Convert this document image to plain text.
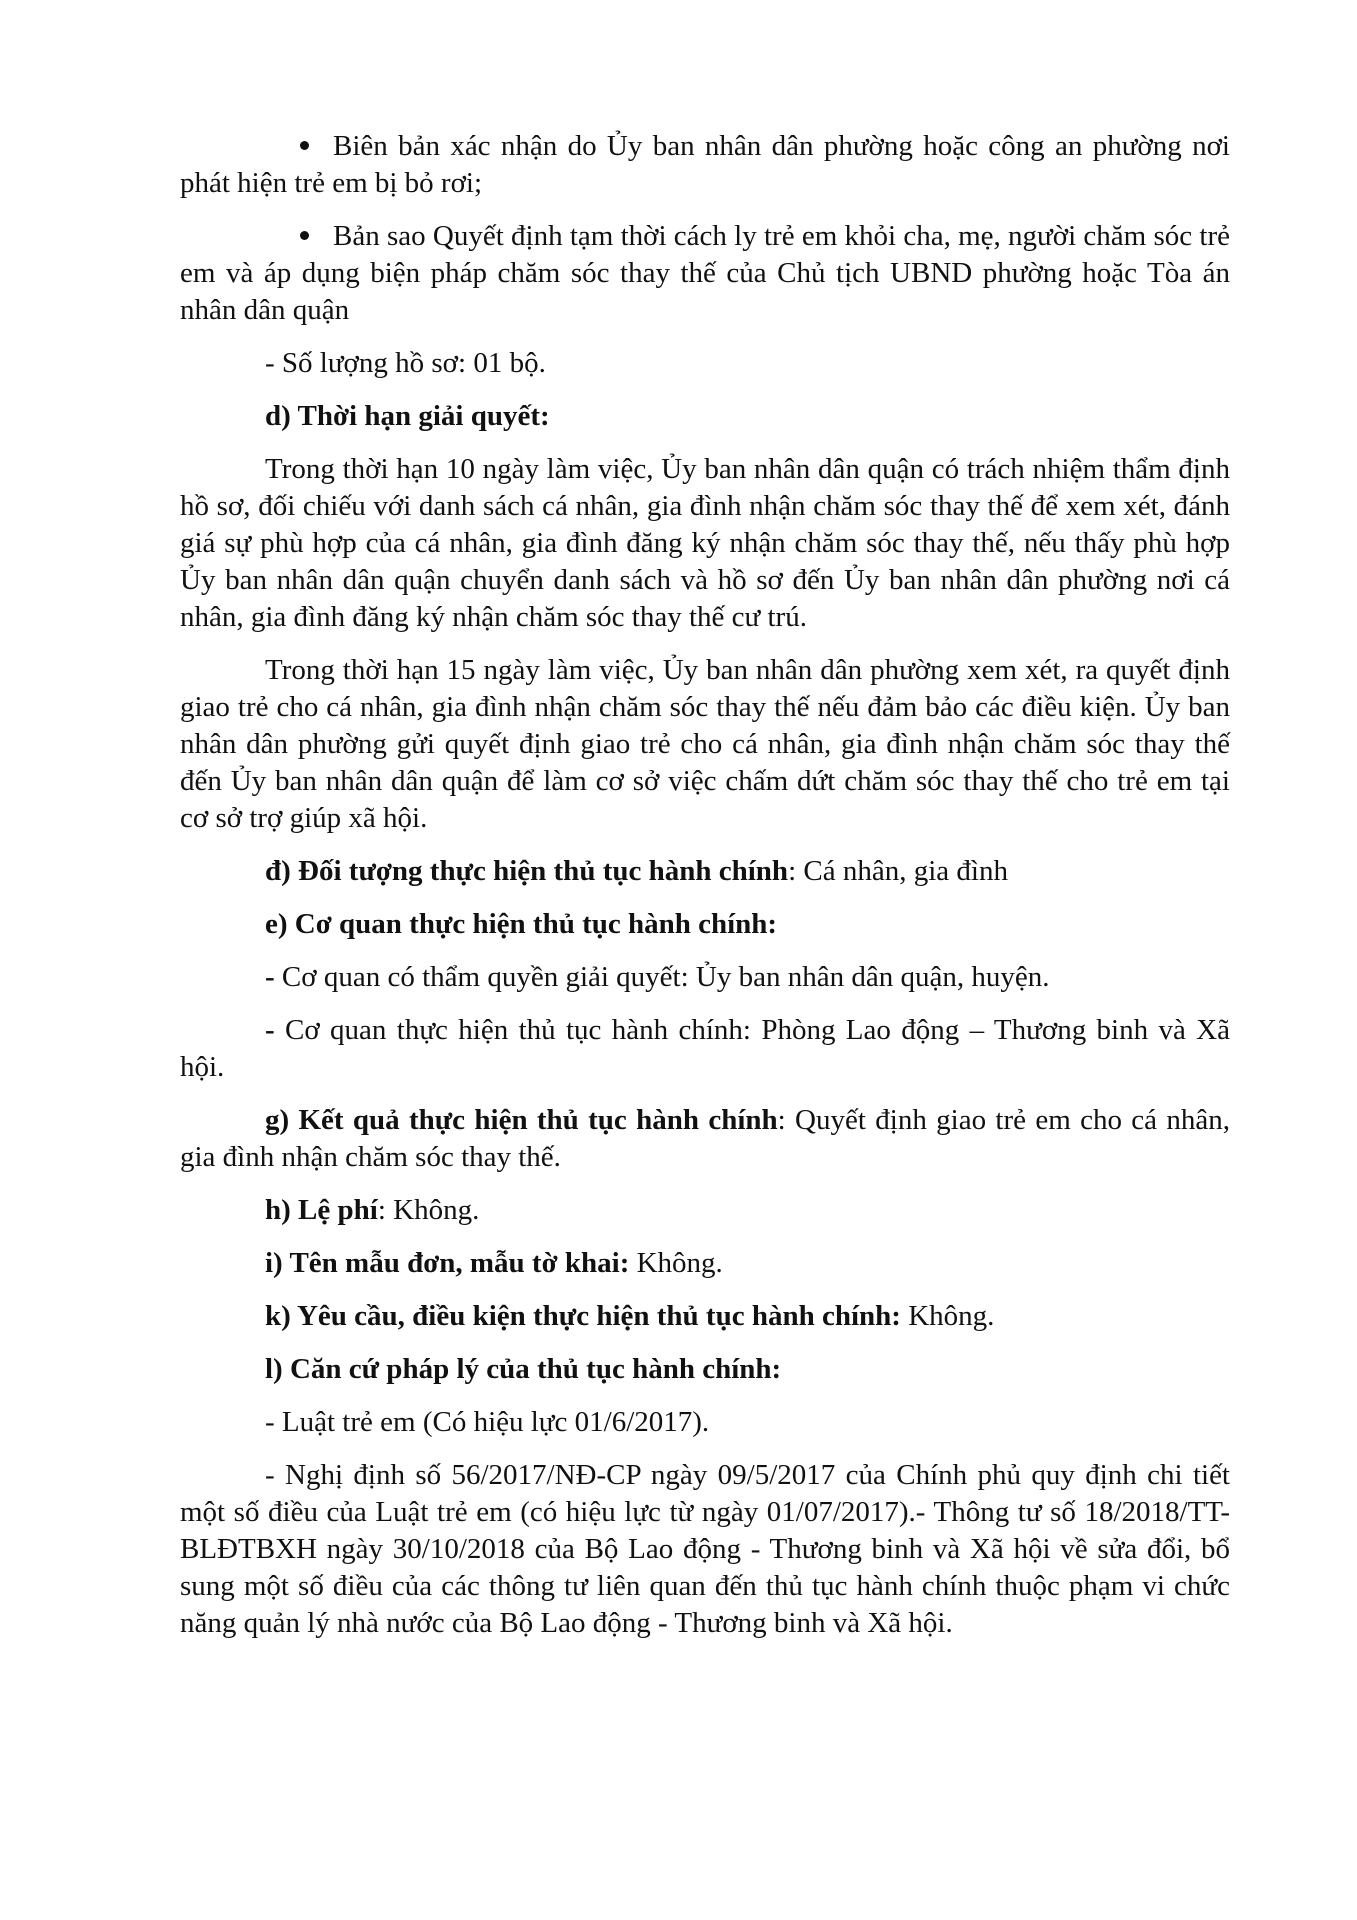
Biên bản xác nhận do Ủy ban nhân dân phường hoặc công an phường nơi phát hiện trẻ em bị bỏ rơi;

Bản sao Quyết định tạm thời cách ly trẻ em khỏi cha, mẹ, người chăm sóc trẻ em và áp dụng biện pháp chăm sóc thay thế của Chủ tịch UBND phường hoặc Tòa án nhân dân quận

- Số lượng hồ sơ: 01 bộ.

d) Thời hạn giải quyết:

Trong thời hạn 10 ngày làm việc, Ủy ban nhân dân quận có trách nhiệm thẩm định hồ sơ, đối chiếu với danh sách cá nhân, gia đình nhận chăm sóc thay thế để xem xét, đánh giá sự phù hợp của cá nhân, gia đình đăng ký nhận chăm sóc thay thế, nếu thấy phù hợp Ủy ban nhân dân quận chuyển danh sách và hồ sơ đến Ủy ban nhân dân phường nơi cá nhân, gia đình đăng ký nhận chăm sóc thay thế cư trú.

Trong thời hạn 15 ngày làm việc, Ủy ban nhân dân phường xem xét, ra quyết định giao trẻ cho cá nhân, gia đình nhận chăm sóc thay thế nếu đảm bảo các điều kiện. Ủy ban nhân dân phường gửi quyết định giao trẻ cho cá nhân, gia đình nhận chăm sóc thay thế đến Ủy ban nhân dân quận để làm cơ sở việc chấm dứt chăm sóc thay thế cho trẻ em tại cơ sở trợ giúp xã hội.

đ) Đối tượng thực hiện thủ tục hành chính: Cá nhân, gia đình

e) Cơ quan thực hiện thủ tục hành chính:

- Cơ quan có thẩm quyền giải quyết: Ủy ban nhân dân quận, huyện.

- Cơ quan thực hiện thủ tục hành chính: Phòng Lao động – Thương binh và Xã hội.

g) Kết quả thực hiện thủ tục hành chính: Quyết định giao trẻ em cho cá nhân, gia đình nhận chăm sóc thay thế.

h) Lệ phí: Không.

i) Tên mẫu đơn, mẫu tờ khai: Không.

k) Yêu cầu, điều kiện thực hiện thủ tục hành chính: Không.

l) Căn cứ pháp lý của thủ tục hành chính:

- Luật trẻ em (Có hiệu lực 01/6/2017).

- Nghị định số 56/2017/NĐ-CP ngày 09/5/2017 của Chính phủ quy định chi tiết một số điều của Luật trẻ em (có hiệu lực từ ngày 01/07/2017).- Thông tư số 18/2018/TT-BLĐTBXH ngày 30/10/2018 của Bộ Lao động - Thương binh và Xã hội về sửa đổi, bổ sung một số điều của các thông tư liên quan đến thủ tục hành chính thuộc phạm vi chức năng quản lý nhà nước của Bộ Lao động - Thương binh và Xã hội.
